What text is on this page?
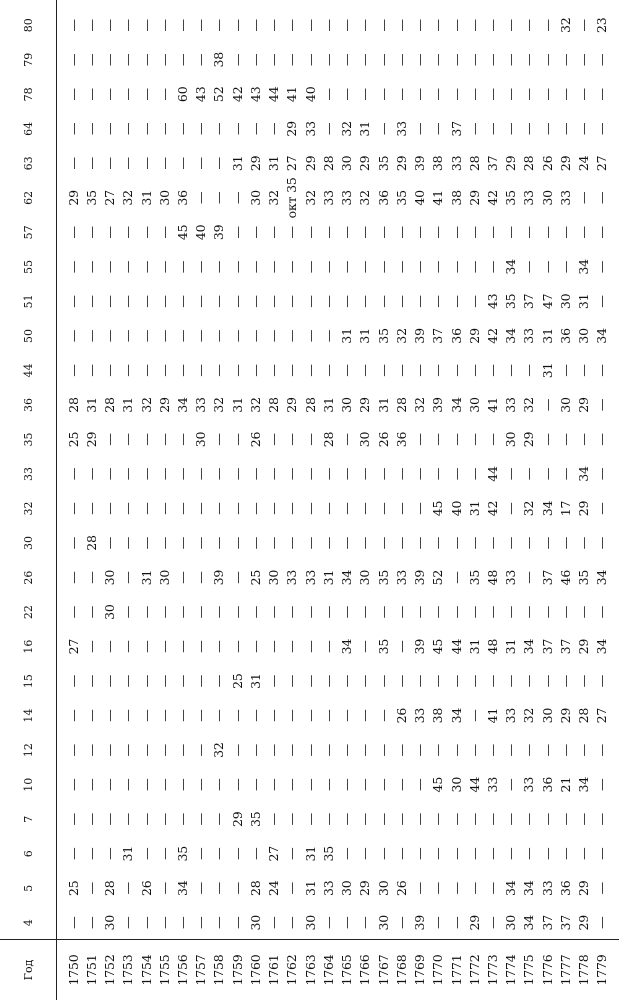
Год
4
5
6
7
10
12
14
15
16
22
26
30
32
33
35
36
44
50
51
55
57
62
63
64
78
79
80
1750
—
25
—
—
—
—
—
—
27
—
—
—
—
—
25
28
—
—
—
—
—
29
—
—
—
—
—
1751
—
—
—
—
—
—
—
—
—
—
—
28
—
—
29
31
—
—
—
—
—
35
—
—
—
—
—
1752
30
28
—
—
—
—
—
—
—
30
30
—
—
—
—
28
—
—
—
—
—
27
—
—
—
—
—
1753
—
—
31
—
—
—
—
—
—
—
—
—
—
—
—
31
—
—
—
—
—
32
—
—
—
—
—
1754
—
26
—
—
—
—
—
—
—
—
31
—
—
—
—
32
—
—
—
—
—
31
—
—
—
—
—
1755
—
—
—
—
—
—
—
—
—
—
30
—
—
—
—
29
—
—
—
—
—
30
—
—
—
—
—
1756
—
34
35
—
—
—
—
—
—
—
—
—
—
—
—
34
—
—
—
—
45
36
—
—
60
—
—
1757
—
—
—
—
—
—
—
—
—
—
—
—
—
—
30
33
—
—
—
—
40
—
—
—
43
—
—
1758
—
—
—
—
—
32
—
—
—
—
39
—
—
—
—
32
—
—
—
—
39
—
—
—
52
38
—
1759
—
—
—
29
—
—
—
25
—
—
—
—
—
—
—
31
—
—
—
—
—
—
31
—
42
—
—
1760
30
28
—
35
—
—
—
31
—
—
25
—
—
—
26
32
—
—
—
—
—
30
29
—
43
—
—
1761
—
24
27
—
—
—
—
—
—
—
30
—
—
—
—
28
—
—
—
—
—
32
31
—
44
—
—
1762
—
—
—
—
—
—
—
—
—
—
33
—
—
—
—
29
—
—
—
—
—
окт 35
27
29
41
—
—
1763
30
31
31
—
—
—
—
—
—
—
33
—
—
—
—
28
—
—
—
—
—
32
29
33
40
—
—
1764
—
33
35
—
—
—
—
—
—
—
31
—
—
—
28
31
—
—
—
—
—
33
28
—
—
—
—
1765
—
30
—
—
—
—
—
—
34
—
34
—
—
—
—
30
—
31
—
—
—
33
30
32
—
—
—
1766
—
29
—
—
—
—
—
—
—
—
30
—
—
—
30
29
—
31
—
—
—
32
29
31
—
—
—
1767
30
30
—
—
—
—
—
—
35
—
35
—
—
—
26
31
—
35
—
—
—
36
35
—
—
—
—
1768
—
26
—
—
—
—
26
—
—
—
33
—
—
—
36
28
—
32
—
—
—
35
29
33
—
—
—
1769
39
—
—
—
—
—
33
—
39
—
39
—
—
—
—
32
—
39
—
—
—
40
39
—
—
—
—
1770
—
—
—
—
45
—
38
—
45
—
52
—
45
—
—
39
—
37
—
—
—
41
38
—
—
—
—
1771
—
—
—
—
30
—
34
—
44
—
—
—
40
—
—
34
—
36
—
—
—
38
33
37
—
—
—
1772
29
—
—
—
44
—
—
—
31
—
35
—
31
—
—
30
—
29
—
—
—
29
28
—
—
—
—
1773
—
—
—
—
33
—
41
—
48
—
48
—
42
44
—
41
—
42
43
—
—
42
37
—
—
—
—
1774
30
34
—
—
—
—
33
—
31
—
33
—
—
—
30
33
—
34
35
34
—
35
29
—
—
—
—
1775
34
34
—
—
33
—
32
—
34
—
—
—
32
—
29
32
—
33
37
—
—
33
28
—
—
—
—
1776
37
33
—
—
36
—
30
—
37
—
37
—
34
—
—
—
31
31
47
—
—
30
26
—
—
—
—
1777
37
36
—
—
21
—
29
—
37
—
46
—
17
—
—
30
—
36
30
—
—
33
29
—
—
—
32
1778
29
29
—
—
34
—
28
—
29
—
35
—
29
34
—
29
—
30
31
34
—
—
24
—
—
—
—
1779
—
—
—
—
—
—
27
—
34
—
34
—
—
—
—
—
—
34
—
—
—
—
27
—
—
—
23
